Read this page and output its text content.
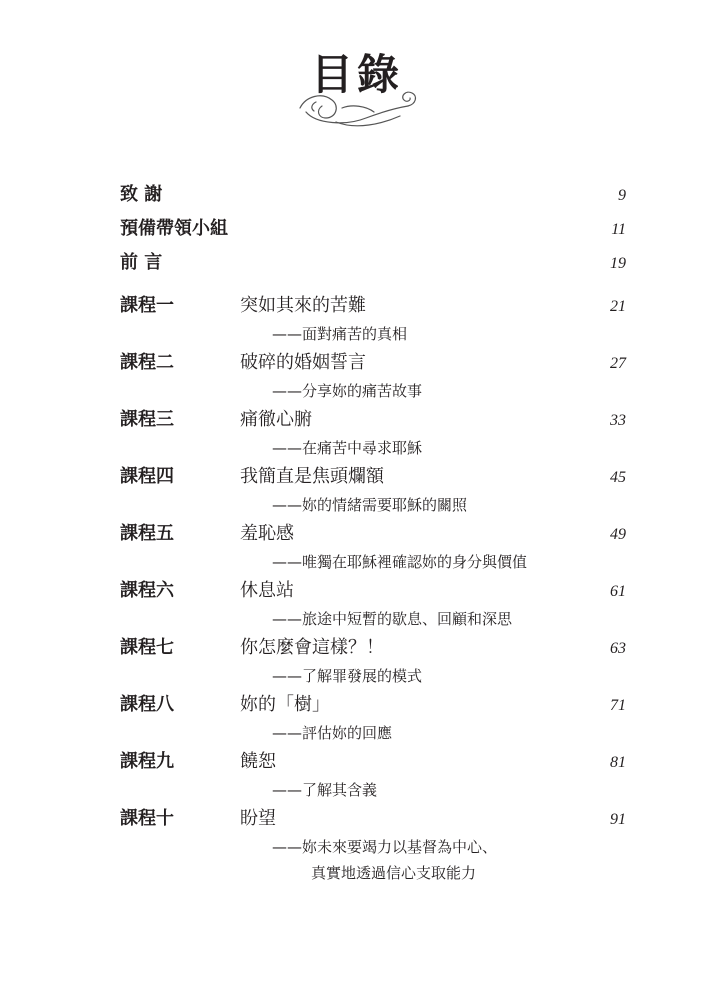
目錄
致 謝	9
預備帶領小組	11
前 言	19
課程一	突如其來的苦難	21
——面對痛苦的真相
課程二	破碎的婚姻誓言	27
——分享妳的痛苦故事
課程三	痛徹心腑	33
——在痛苦中尋求耶穌
課程四	我簡直是焦頭爛額	45
——妳的情緒需要耶穌的關照
課程五	羞恥感	49
——唯獨在耶穌裡確認妳的身分與價值
課程六	休息站	61
——旅途中短暫的歇息、回顧和深思
課程七	你怎麼會這樣？！	63
——了解罪發展的模式
課程八	妳的「樹」	71
——評估妳的回應
課程九	饒恕	81
——了解其含義
課程十	盼望	91
——妳未來要竭力以基督為中心、
真實地透過信心支取能力
